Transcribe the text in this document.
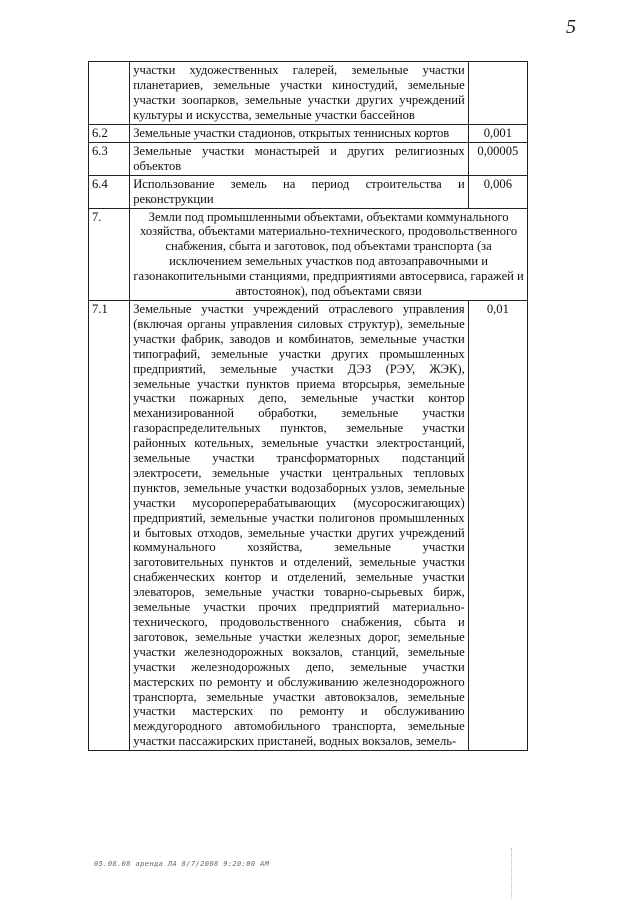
5
	участки художественных галерей, земельные участки планетариев, земельные участки киностудий, земельные участки зоопарков, земельные участки других учреждений культуры и искусства, земельные участки бассейнов	
6.2	Земельные участки стадионов, открытых теннисных кортов	0,001
6.3	Земельные участки монастырей и других религиозных объектов	0,00005
6.4	Использование земель на период строительства и реконструкции	0,006
7.	Земли под промышленными объектами, объектами коммунального хозяйства, объектами материально-технического, продовольственного снабжения, сбыта и заготовок, под объектами транспорта (за исключением земельных участков под автозаправочными и газонакопительными станциями, предприятиями автосервиса, гаражей и автостоянок), под объектами связи	
7.1	Земельные участки учреждений отраслевого управления (включая органы управления силовых структур), земельные участки фабрик, заводов и комбинатов, земельные участки типографий, земельные участки других промышленных предприятий, земельные участки ДЭЗ (РЭУ, ЖЭК), земельные участки пунктов приема вторсырья, земельные участки пожарных депо, земельные участки контор механизированной обработки, земельные участки газораспределительных пунктов, земельные участки районных котельных, земельные участки электростанций, земельные участки трансформаторных подстанций электросети, земельные участки центральных тепловых пунктов, земельные участки водозаборных узлов, земельные участки мусороперерабатывающих (мусоросжигающих) предприятий, земельные участки полигонов промышленных и бытовых отходов, земельные участки других учреждений коммунального хозяйства, земельные участки заготовительных пунктов и отделений, земельные участки снабженческих контор и отделений, земельные участки элеваторов, земельные участки товарно-сырьевых бирж, земельные участки прочих предприятий материально-технического, продовольственного снабжения, сбыта и заготовок, земельные участки железных дорог, земельные участки железнодорожных вокзалов, станций, земельные участки железнодорожных депо, земельные участки мастерских по ремонту и обслуживанию железнодорожного транспорта, земельные участки автовокзалов, земельные участки мастерских по ремонту и обслуживанию междугородного автомобильного транспорта, земельные участки пассажирских пристаней, водных вокзалов, земель-	0,01
05.08.08 аренда ЛА 8/7/2008 9:20:00 AM
